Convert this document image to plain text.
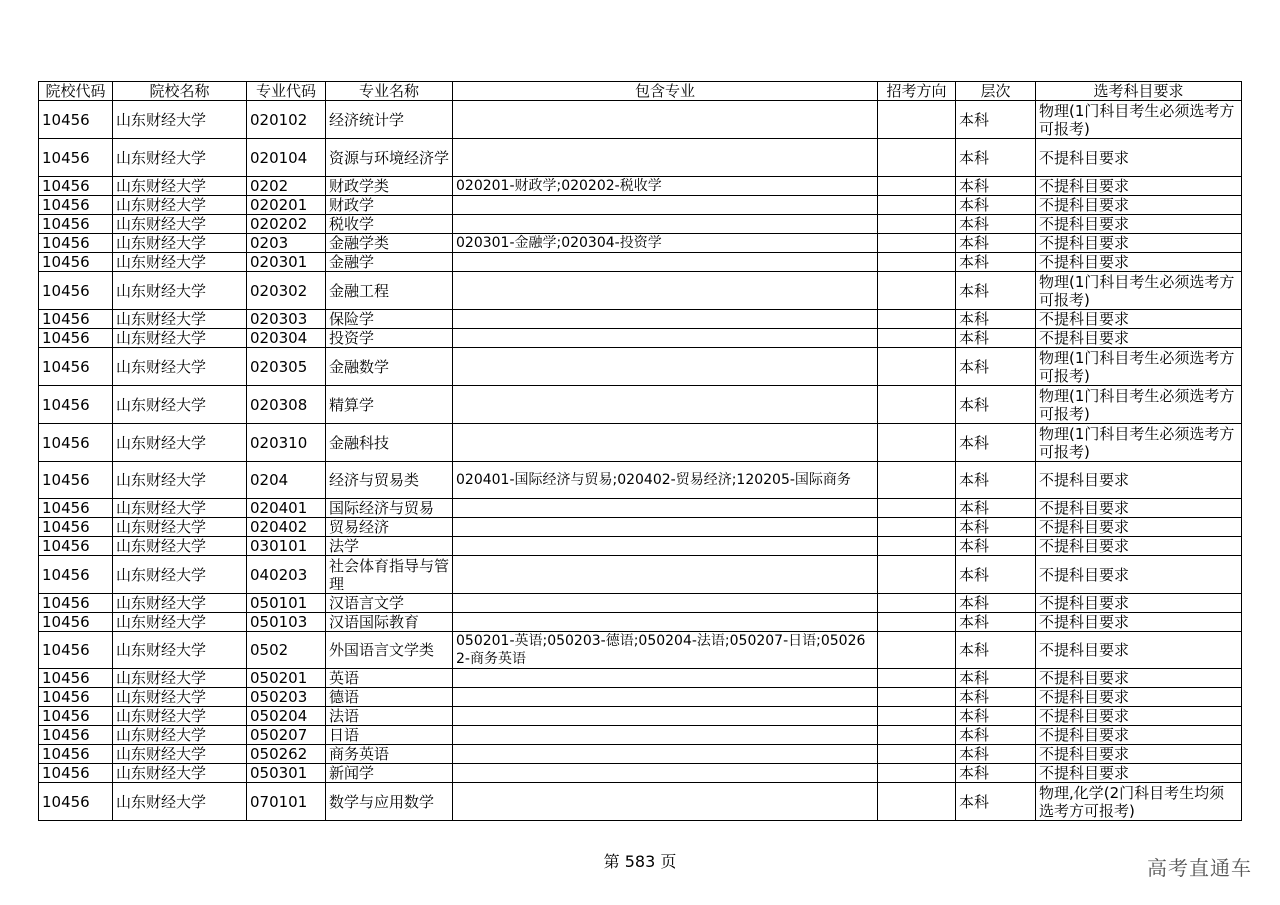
院校代码	院校名称	专业代码	专业名称	包含专业	招考方向	层次	选考科目要求
10456	山东财经大学	020102	经济统计学			本科	物理(1门科目考生必须选考方可报考)
10456	山东财经大学	020104	资源与环境经济学			本科	不提科目要求
10456	山东财经大学	0202	财政学类	020201-财政学;020202-税收学		本科	不提科目要求
10456	山东财经大学	020201	财政学			本科	不提科目要求
10456	山东财经大学	020202	税收学			本科	不提科目要求
10456	山东财经大学	0203	金融学类	020301-金融学;020304-投资学		本科	不提科目要求
10456	山东财经大学	020301	金融学			本科	不提科目要求
10456	山东财经大学	020302	金融工程			本科	物理(1门科目考生必须选考方可报考)
10456	山东财经大学	020303	保险学			本科	不提科目要求
10456	山东财经大学	020304	投资学			本科	不提科目要求
10456	山东财经大学	020305	金融数学			本科	物理(1门科目考生必须选考方可报考)
10456	山东财经大学	020308	精算学			本科	物理(1门科目考生必须选考方可报考)
10456	山东财经大学	020310	金融科技			本科	物理(1门科目考生必须选考方可报考)
10456	山东财经大学	0204	经济与贸易类	020401-国际经济与贸易;020402-贸易经济;120205-国际商务		本科	不提科目要求
10456	山东财经大学	020401	国际经济与贸易			本科	不提科目要求
10456	山东财经大学	020402	贸易经济			本科	不提科目要求
10456	山东财经大学	030101	法学			本科	不提科目要求
10456	山东财经大学	040203	社会体育指导与管理			本科	不提科目要求
10456	山东财经大学	050101	汉语言文学			本科	不提科目要求
10456	山东财经大学	050103	汉语国际教育			本科	不提科目要求
10456	山东财经大学	0502	外国语言文学类	050201-英语;050203-德语;050204-法语;050207-日语;050262-商务英语		本科	不提科目要求
10456	山东财经大学	050201	英语			本科	不提科目要求
10456	山东财经大学	050203	德语			本科	不提科目要求
10456	山东财经大学	050204	法语			本科	不提科目要求
10456	山东财经大学	050207	日语			本科	不提科目要求
10456	山东财经大学	050262	商务英语			本科	不提科目要求
10456	山东财经大学	050301	新闻学			本科	不提科目要求
10456	山东财经大学	070101	数学与应用数学			本科	物理,化学(2门科目考生均须选考方可报考)
第 583 页	高考直通车
